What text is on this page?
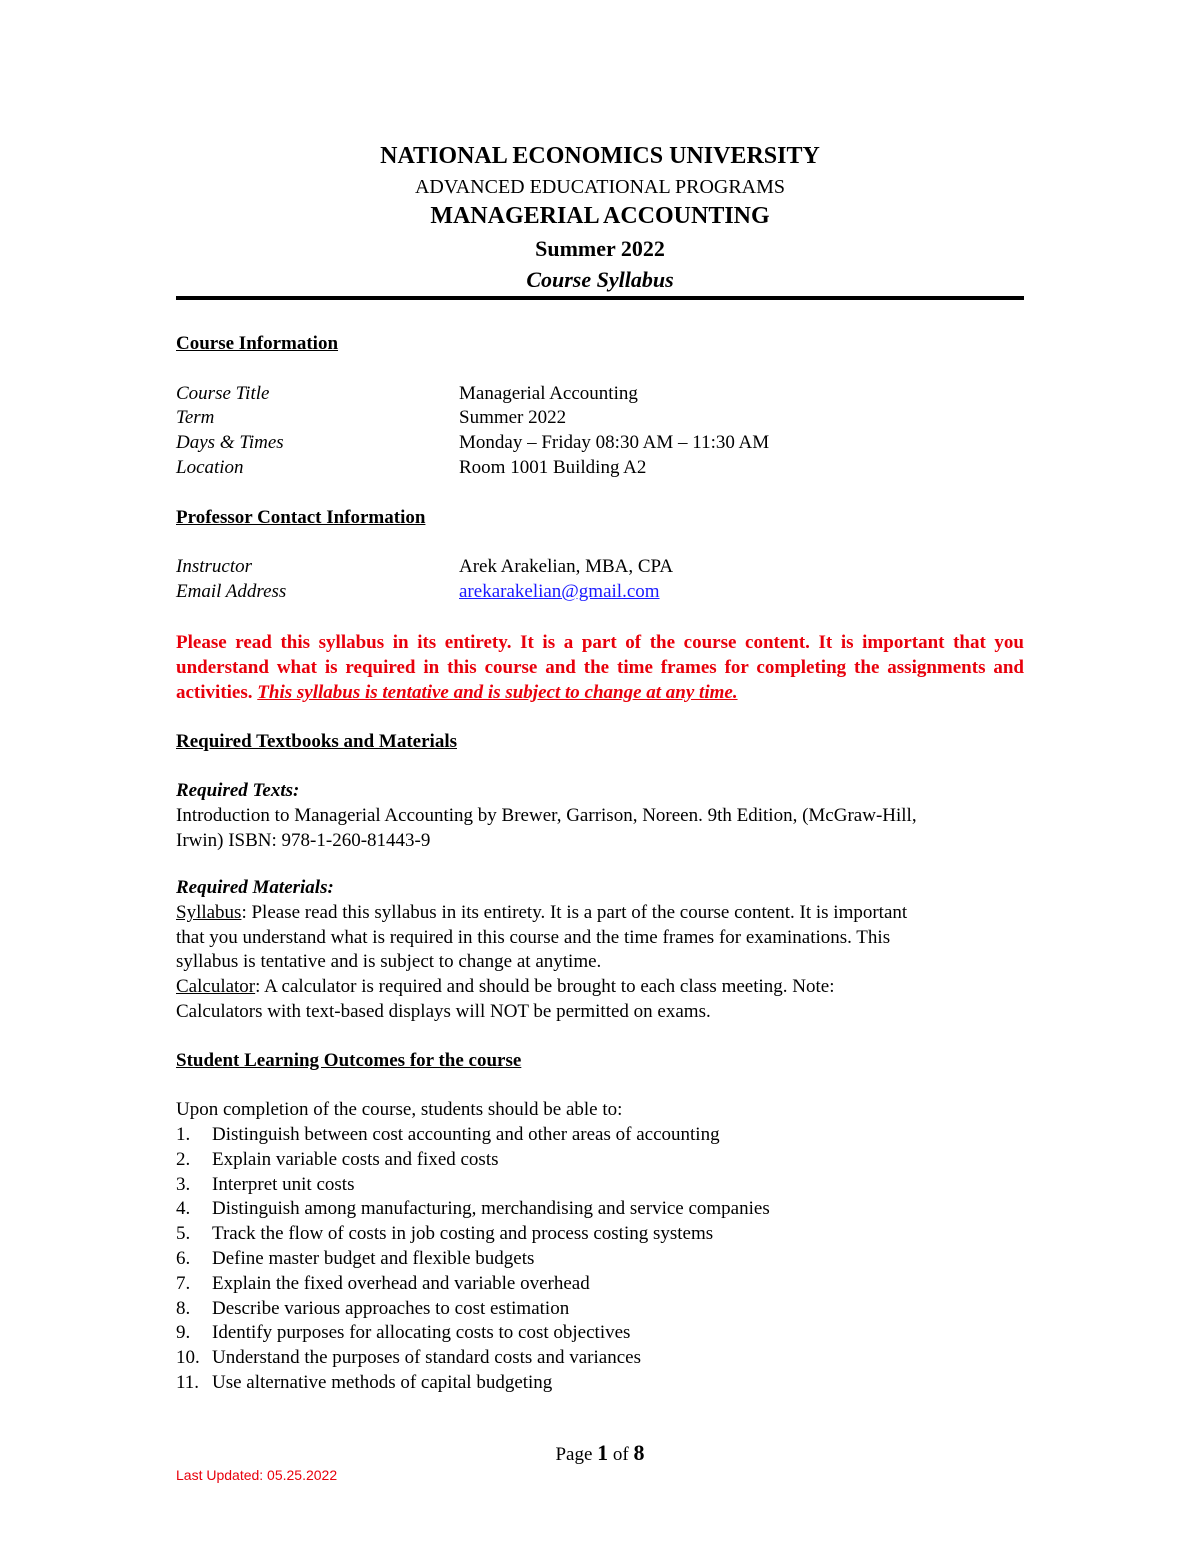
NATIONAL ECONOMICS UNIVERSITY
ADVANCED EDUCATIONAL PROGRAMS
MANAGERIAL ACCOUNTING
Summer 2022
Course Syllabus
Course Information
Course Title	Managerial Accounting
Term	Summer 2022
Days & Times	Monday – Friday 08:30 AM – 11:30 AM
Location	Room 1001 Building A2
Professor Contact Information
Instructor	Arek Arakelian, MBA, CPA
Email Address	arekarakelian@gmail.com
Please read this syllabus in its entirety. It is a part of the course content. It is important that you understand what is required in this course and the time frames for completing the assignments and activities. This syllabus is tentative and is subject to change at any time.
Required Textbooks and Materials
Required Texts:
Introduction to Managerial Accounting by Brewer, Garrison, Noreen. 9th Edition, (McGraw-Hill,
Irwin) ISBN: 978-1-260-81443-9
Required Materials:
Syllabus: Please read this syllabus in its entirety. It is a part of the course content. It is important
that you understand what is required in this course and the time frames for examinations. This
syllabus is tentative and is subject to change at anytime.
Calculator: A calculator is required and should be brought to each class meeting. Note:
Calculators with text-based displays will NOT be permitted on exams.
Student Learning Outcomes for the course
Upon completion of the course, students should be able to:
1. Distinguish between cost accounting and other areas of accounting
2. Explain variable costs and fixed costs
3. Interpret unit costs
4. Distinguish among manufacturing, merchandising and service companies
5. Track the flow of costs in job costing and process costing systems
6. Define master budget and flexible budgets
7. Explain the fixed overhead and variable overhead
8. Describe various approaches to cost estimation
9. Identify purposes for allocating costs to cost objectives
10. Understand the purposes of standard costs and variances
11. Use alternative methods of capital budgeting
Page 1 of 8
Last Updated: 05.25.2022
